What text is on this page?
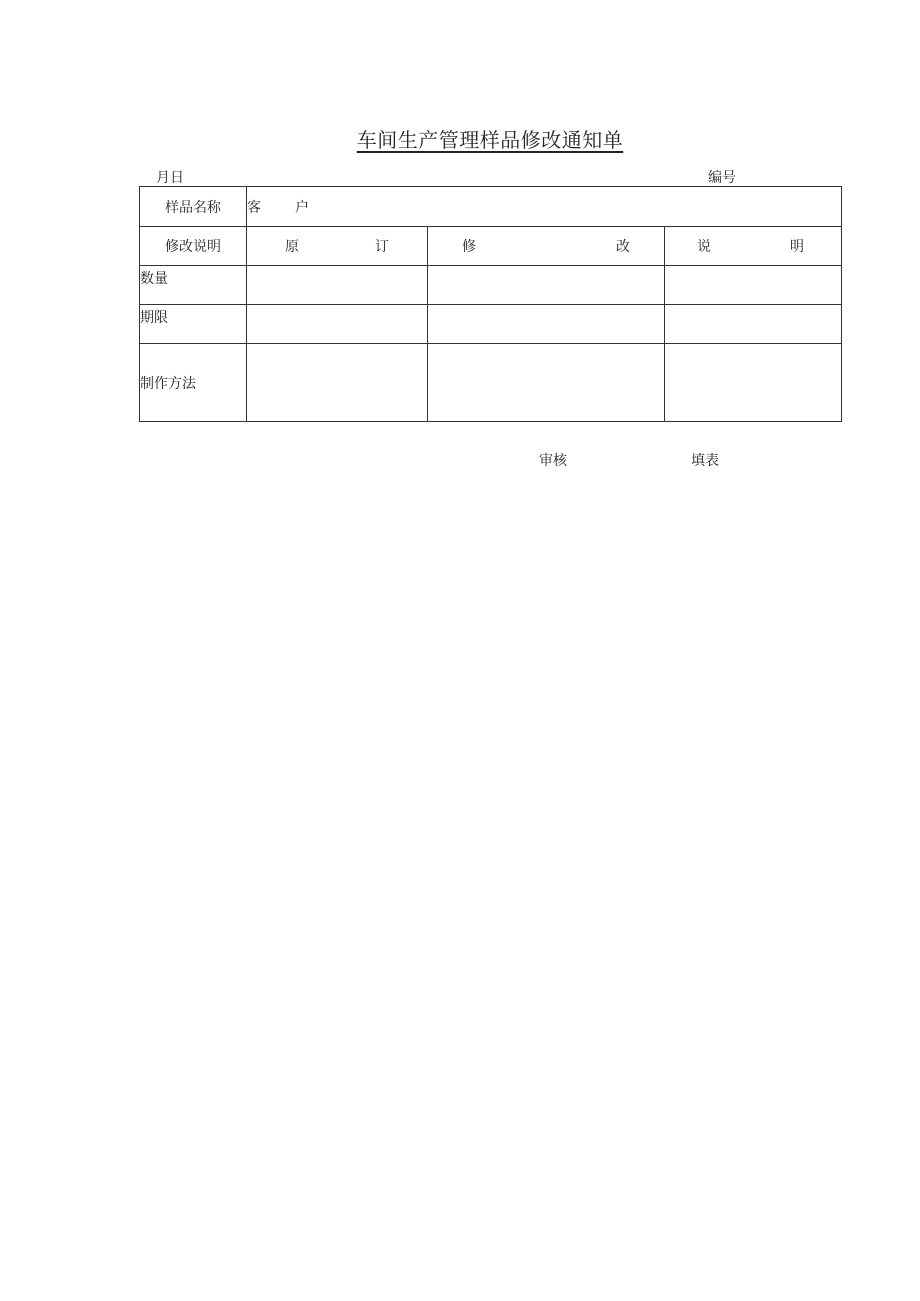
车间生产管理样品修改通知单
月日	编号
样品名称	客 户		
修改说明	原 订	修 改	说 明

数量			
期限			
制作方法			
审核	填表
